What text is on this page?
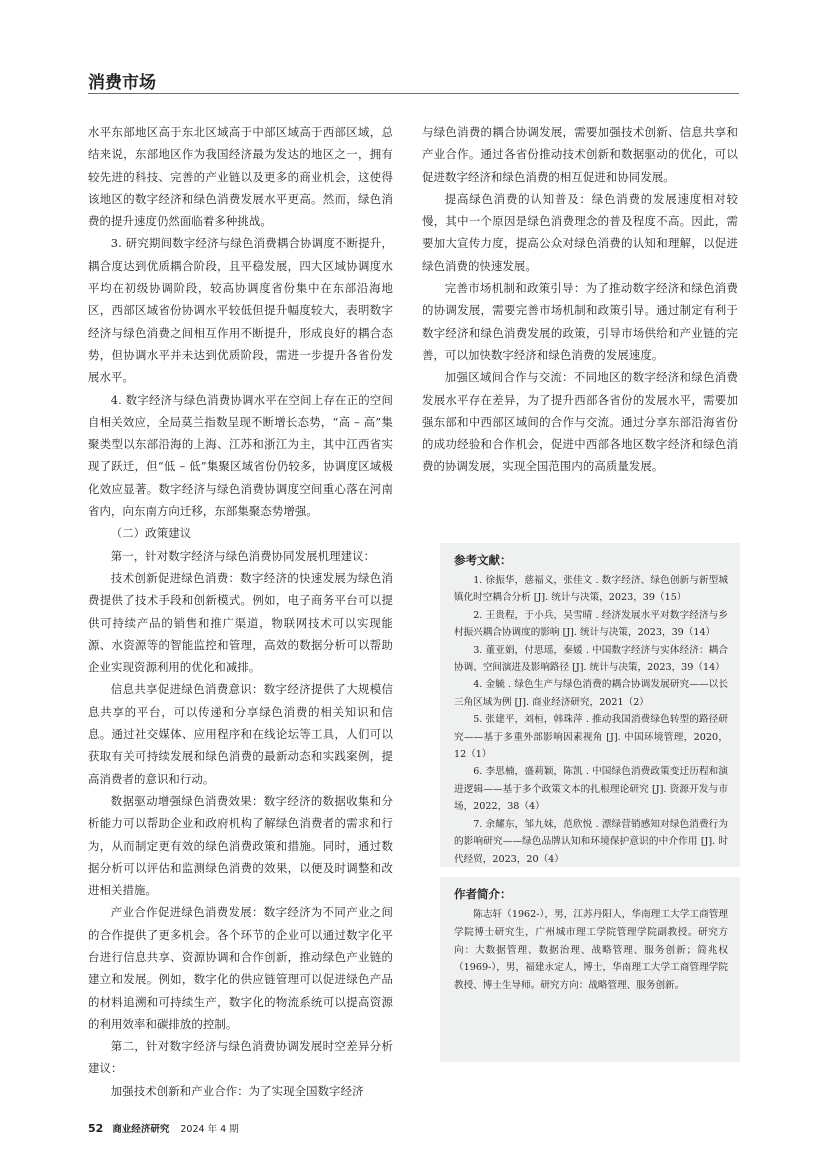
消费市场

水平东部地区高于东北区域高于中部区域高于西部区域，总结来说，东部地区作为我国经济最为发达的地区之一，拥有较先进的科技、完善的产业链以及更多的商业机会，这使得该地区的数字经济和绿色消费发展水平更高。然而，绿色消费的提升速度仍然面临着多种挑战。

3. 研究期间数字经济与绿色消费耦合协调度不断提升，耦合度达到优质耦合阶段，且平稳发展，四大区域协调度水平均在初级协调阶段，较高协调度省份集中在东部沿海地区，西部区域省份协调水平较低但提升幅度较大，表明数字经济与绿色消费之间相互作用不断提升，形成良好的耦合态势，但协调水平并未达到优质阶段，需进一步提升各省份发展水平。

4. 数字经济与绿色消费协调水平在空间上存在正的空间自相关效应，全局莫兰指数呈现不断增长态势，“高 – 高”集聚类型以东部沿海的上海、江苏和浙江为主，其中江西省实现了跃迁，但“低 – 低”集聚区域省份仍较多，协调度区域极化效应显著。数字经济与绿色消费协调度空间重心落在河南省内，向东南方向迁移，东部集聚态势增强。

（二）政策建议

第一，针对数字经济与绿色消费协同发展机理建议：

技术创新促进绿色消费：数字经济的快速发展为绿色消费提供了技术手段和创新模式。例如，电子商务平台可以提供可持续产品的销售和推广渠道，物联网技术可以实现能源、水资源等的智能监控和管理，高效的数据分析可以帮助企业实现资源利用的优化和减排。

信息共享促进绿色消费意识：数字经济提供了大规模信息共享的平台，可以传递和分享绿色消费的相关知识和信息。通过社交媒体、应用程序和在线论坛等工具，人们可以获取有关可持续发展和绿色消费的最新动态和实践案例，提高消费者的意识和行动。

数据驱动增强绿色消费效果：数字经济的数据收集和分析能力可以帮助企业和政府机构了解绿色消费者的需求和行为，从而制定更有效的绿色消费政策和措施。同时，通过数据分析可以评估和监测绿色消费的效果，以便及时调整和改进相关措施。

产业合作促进绿色消费发展：数字经济为不同产业之间的合作提供了更多机会。各个环节的企业可以通过数字化平台进行信息共享、资源协调和合作创新，推动绿色产业链的建立和发展。例如，数字化的供应链管理可以促进绿色产品的材料追溯和可持续生产，数字化的物流系统可以提高资源的利用效率和碳排放的控制。

第二，针对数字经济与绿色消费协调发展时空差异分析建议：

加强技术创新和产业合作：为了实现全国数字经济

与绿色消费的耦合协调发展，需要加强技术创新、信息共享和产业合作。通过各省份推动技术创新和数据驱动的优化，可以促进数字经济和绿色消费的相互促进和协同发展。

提高绿色消费的认知普及：绿色消费的发展速度相对较慢，其中一个原因是绿色消费理念的普及程度不高。因此，需要加大宣传力度，提高公众对绿色消费的认知和理解，以促进绿色消费的快速发展。

完善市场机制和政策引导：为了推动数字经济和绿色消费的协调发展，需要完善市场机制和政策引导。通过制定有利于数字经济和绿色消费发展的政策，引导市场供给和产业链的完善，可以加快数字经济和绿色消费的发展速度。

加强区域间合作与交流：不同地区的数字经济和绿色消费发展水平存在差异，为了提升西部各省份的发展水平，需要加强东部和中西部区域间的合作与交流。通过分享东部沿海省份的成功经验和合作机会，促进中西部各地区数字经济和绿色消费的协调发展，实现全国范围内的高质量发展。

参考文献：

1. 徐振华，慈福义，张佳文 . 数字经济、绿色创新与新型城镇化时空耦合分析 [J]. 统计与决策，2023，39（15）

2. 王贵程，于小兵，吴雪晴 . 经济发展水平对数字经济与乡村振兴耦合协调度的影响 [J]. 统计与决策，2023，39（14）

3. 董亚娟，付思瑶，秦媛 . 中国数字经济与实体经济：耦合协调、空间演进及影响路径 [J]. 统计与决策，2023，39（14）

4. 金毓 . 绿色生产与绿色消费的耦合协调发展研究——以长三角区域为例 [J]. 商业经济研究，2021（2）

5. 张建平，刘桓，韩珠萍 . 推动我国消费绿色转型的路径研究——基于多重外部影响因素视角 [J]. 中国环境管理，2020，12（1）

6. 李思楠，盛莉颖，陈凯 . 中国绿色消费政策变迁历程和演进逻辑——基于多个政策文本的扎根理论研究 [J]. 资源开发与市场，2022，38（4）

7. 余耀东，邹九妹，范欣悦 . 漂绿营销感知对绿色消费行为的影响研究——绿色品牌认知和环境保护意识的中介作用 [J]. 时代经贸，2023，20（4）

作者简介：

陈志轩（1962-），男，江苏丹阳人，华南理工大学工商管理学院博士研究生，广州城市理工学院管理学院副教授。研究方向：大数据管理、数据治理、战略管理、服务创新；简兆权（1969-），男，福建永定人，博士，华南理工大学工商管理学院教授、博士生导师。研究方向：战略管理、服务创新。

52 商业经济研究 2024 年 4 期
